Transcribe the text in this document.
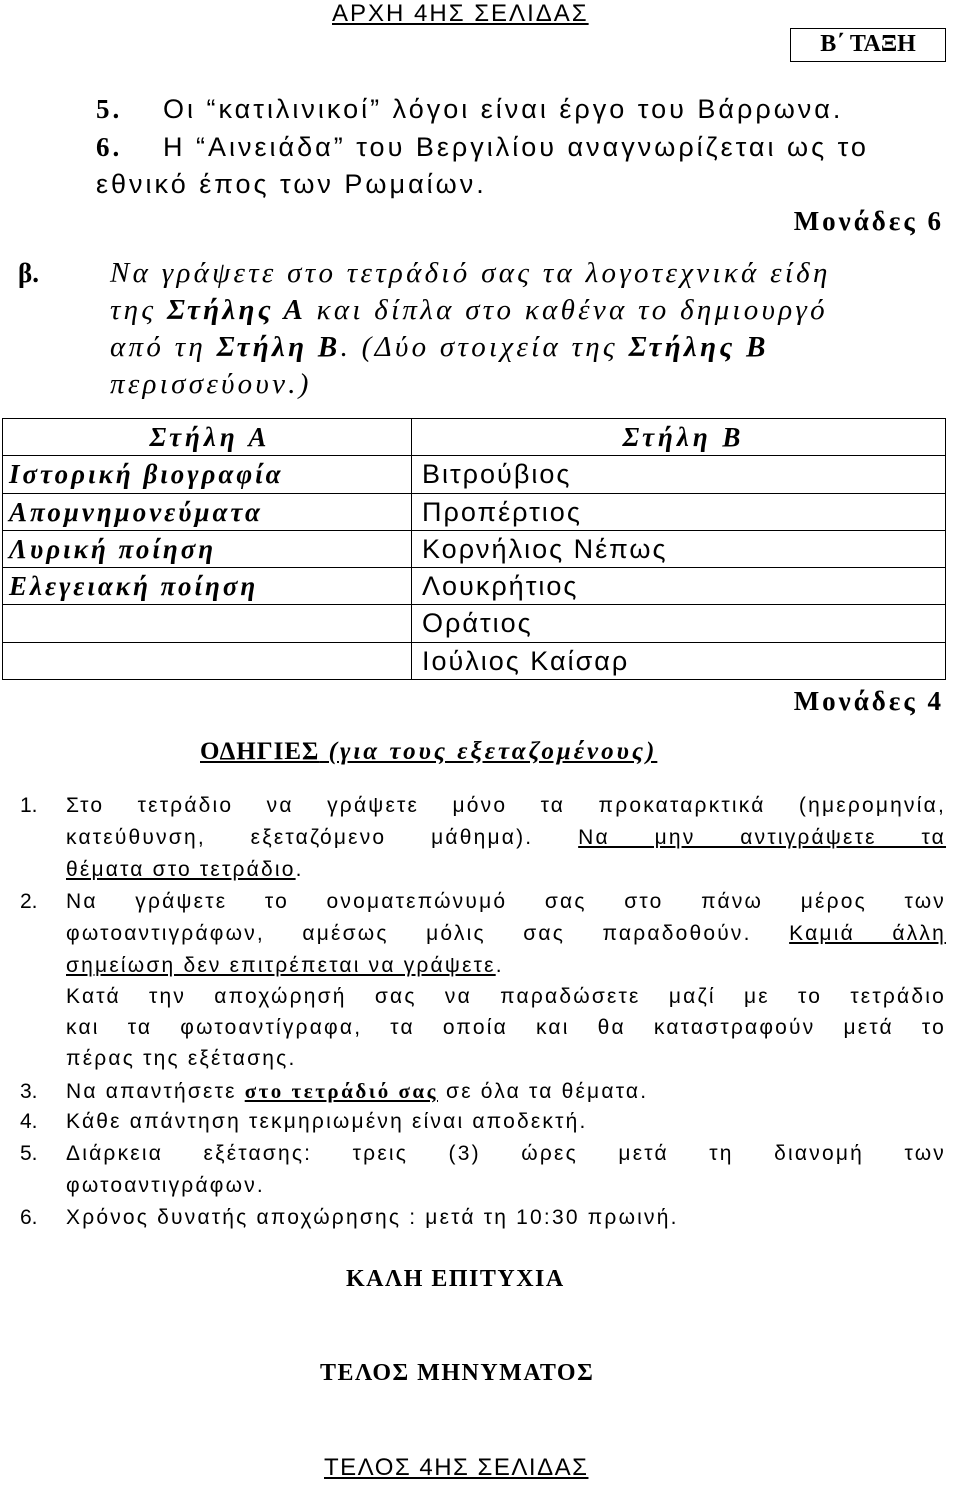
ΑΡΧΗ 4ΗΣ ΣΕΛΙΔΑΣ
Β΄ ΤΑΞΗ
5. Οι “κατιλινικοί” λόγοι είναι έργο του Βάρρωνα.
6. Η “Αινειάδα” του Βεργιλίου αναγνωρίζεται ως το
εθνικό έπος των Ρωμαίων.
Μονάδες 6
β. Να γράψετε στο τετράδιό σας τα λογοτεχνικά είδη
της Στήλης Α και δίπλα στο καθένα το δημιουργό
από τη Στήλη Β. (Δύο στοιχεία της Στήλης Β
περισσεύουν.)
Στήλη Α	Στήλη Β
Ιστορική βιογραφία	Βιτρούβιος
Απομνημονεύματα	Προπέρτιος
Λυρική ποίηση	Κορνήλιος Νέπως
Ελεγειακή ποίηση	Λουκρήτιος
	Οράτιος
	Ιούλιος Καίσαρ
Μονάδες 4
ΟΔΗΓΙΕΣ (για τους εξεταζομένους)
1. Στο τετράδιο να γράψετε μόνο τα προκαταρκτικά (ημερομηνία,
κατεύθυνση, εξεταζόμενο μάθημα). Να μην αντιγράψετε τα
θέματα στο τετράδιο.
2. Να γράψετε το ονοματεπώνυμό σας στο πάνω μέρος των
φωτοαντιγράφων, αμέσως μόλις σας παραδοθούν. Καμιά άλλη
σημείωση δεν επιτρέπεται να γράψετε.
Κατά την αποχώρησή σας να παραδώσετε μαζί με το τετράδιο
και τα φωτοαντίγραφα, τα οποία και θα καταστραφούν μετά το
πέρας της εξέτασης.
3. Να απαντήσετε στο τετράδιό σας σε όλα τα θέματα.
4. Κάθε απάντηση τεκμηριωμένη είναι αποδεκτή.
5. Διάρκεια εξέτασης: τρεις (3) ώρες μετά τη διανομή των
φωτοαντιγράφων.
6. Χρόνος δυνατής αποχώρησης : μετά τη 10:30 πρωινή.
ΚΑΛΗ ΕΠΙΤΥΧΙΑ
ΤΕΛΟΣ ΜΗΝΥΜΑΤΟΣ
ΤΕΛΟΣ 4ΗΣ ΣΕΛΙΔΑΣ
